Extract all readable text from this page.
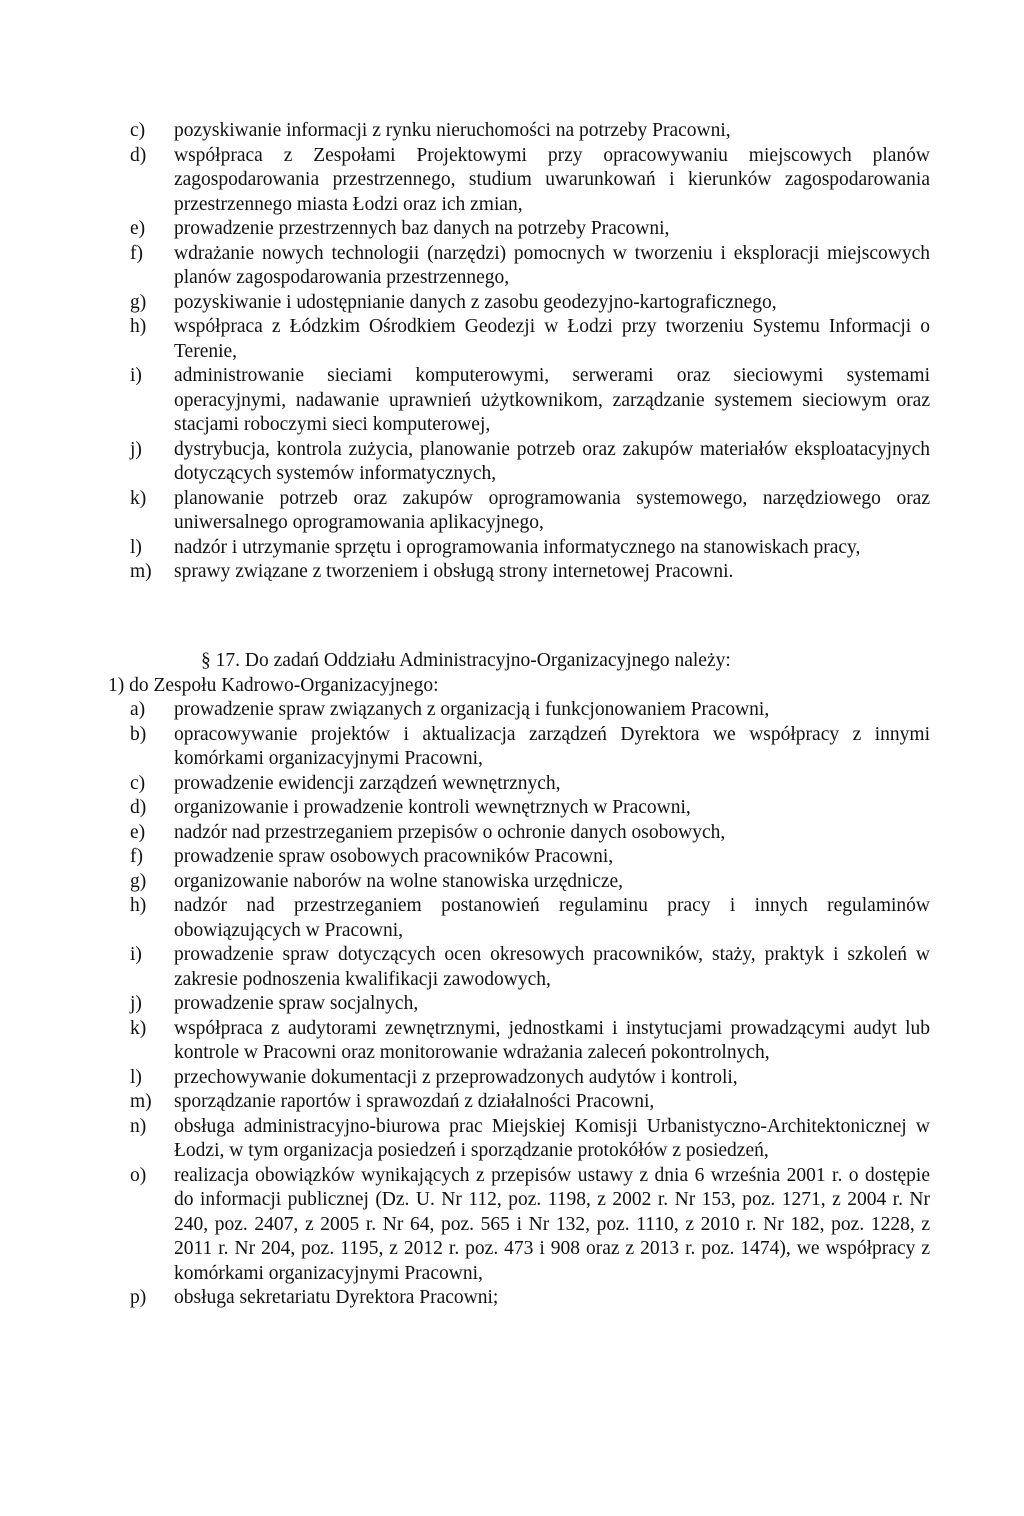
c)	pozyskiwanie informacji z rynku nieruchomości na potrzeby Pracowni,
d)	współpraca z Zespołami Projektowymi przy opracowywaniu miejscowych planów zagospodarowania przestrzennego, studium uwarunkowań i kierunków zagospodarowania przestrzennego miasta Łodzi oraz ich zmian,
e)	prowadzenie przestrzennych baz danych na potrzeby Pracowni,
f)	wdrażanie nowych technologii (narzędzi) pomocnych w tworzeniu i eksploracji miejscowych planów zagospodarowania przestrzennego,
g)	pozyskiwanie i udostępnianie danych z zasobu geodezyjno-kartograficznego,
h)	współpraca z Łódzkim Ośrodkiem Geodezji w Łodzi przy tworzeniu Systemu Informacji o Terenie,
i)	administrowanie sieciami komputerowymi, serwerami oraz sieciowymi systemami operacyjnymi, nadawanie uprawnień użytkownikom, zarządzanie systemem sieciowym oraz stacjami roboczymi sieci komputerowej,
j)	dystrybucja, kontrola zużycia, planowanie potrzeb oraz zakupów materiałów eksploatacyjnych dotyczących systemów informatycznych,
k)	planowanie potrzeb oraz zakupów oprogramowania systemowego, narzędziowego oraz uniwersalnego oprogramowania aplikacyjnego,
l)	nadzór i utrzymanie sprzętu i oprogramowania informatycznego na stanowiskach pracy,
m)	sprawy związane z tworzeniem i obsługą strony internetowej Pracowni.
§ 17. Do zadań Oddziału Administracyjno-Organizacyjnego należy:
1) do Zespołu Kadrowo-Organizacyjnego:
a)	prowadzenie spraw związanych z organizacją i funkcjonowaniem Pracowni,
b)	opracowywanie projektów i aktualizacja zarządzeń Dyrektora we współpracy z innymi komórkami organizacyjnymi Pracowni,
c)	prowadzenie ewidencji zarządzeń wewnętrznych,
d)	organizowanie i prowadzenie kontroli wewnętrznych w Pracowni,
e)	nadzór nad przestrzeganiem przepisów o ochronie danych osobowych,
f)	prowadzenie spraw osobowych pracowników Pracowni,
g)	organizowanie naborów na wolne stanowiska urzędnicze,
h)	nadzór nad przestrzeganiem postanowień regulaminu pracy i innych regulaminów obowiązujących w Pracowni,
i)	prowadzenie spraw dotyczących ocen okresowych pracowników, staży, praktyk i szkoleń w zakresie podnoszenia kwalifikacji zawodowych,
j)	prowadzenie spraw socjalnych,
k)	współpraca z audytorami zewnętrznymi, jednostkami i instytucjami prowadzącymi audyt lub kontrole w Pracowni oraz monitorowanie wdrażania zaleceń pokontrolnych,
l)	przechowywanie dokumentacji z przeprowadzonych audytów i kontroli,
m)	sporządzanie raportów i sprawozdań z działalności Pracowni,
n)	obsługa administracyjno-biurowa prac Miejskiej Komisji Urbanistyczno-Architektonicznej w Łodzi, w tym organizacja posiedzeń i sporządzanie protokółów z posiedzeń,
o)	realizacja obowiązków wynikających z przepisów ustawy z dnia 6 września 2001 r. o dostępie do informacji publicznej (Dz. U. Nr 112, poz. 1198, z 2002 r. Nr 153, poz. 1271, z 2004 r. Nr 240, poz. 2407, z 2005 r. Nr 64, poz. 565 i Nr 132, poz. 1110, z 2010 r. Nr 182, poz. 1228, z 2011 r. Nr 204, poz. 1195, z 2012 r. poz. 473 i 908 oraz z 2013 r. poz. 1474), we współpracy z komórkami organizacyjnymi Pracowni,
p)	obsługa sekretariatu Dyrektora Pracowni;
